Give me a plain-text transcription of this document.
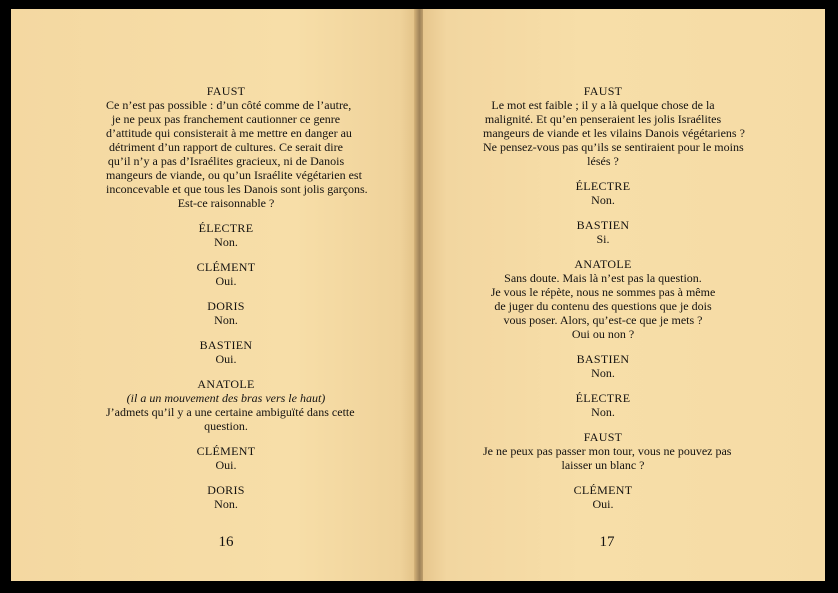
FAUST
Ce n’est pas possible : d’un côté comme de l’autre,
je ne peux pas franchement cautionner ce genre
d’attitude qui consisterait à me mettre en danger au
détriment d’un rapport de cultures. Ce serait dire
qu’il n’y a pas d’Israélites gracieux, ni de Danois
mangeurs de viande, ou qu’un Israélite végétarien est
inconcevable et que tous les Danois sont jolis garçons.
Est-ce raisonnable ?
ÉLECTRE
Non.
CLÉMENT
Oui.
DORIS
Non.
BASTIEN
Oui.
ANATOLE
(il a un mouvement des bras vers le haut)
J’admets qu’il y a une certaine ambiguïté dans cette
question.
CLÉMENT
Oui.
DORIS
Non.
16
FAUST
Le mot est faible ; il y a là quelque chose de la
malignité. Et qu’en penseraient les jolis Israélites
mangeurs de viande et les vilains Danois végétariens ?
Ne pensez-vous pas qu’ils se sentiraient pour le moins
lésés ?
ÉLECTRE
Non.
BASTIEN
Si.
ANATOLE
Sans doute. Mais là n’est pas la question.
Je vous le répète, nous ne sommes pas à même
de juger du contenu des questions que je dois
vous poser. Alors, qu’est-ce que je mets ?
Oui ou non ?
BASTIEN
Non.
ÉLECTRE
Non.
FAUST
Je ne peux pas passer mon tour, vous ne pouvez pas
laisser un blanc ?
CLÉMENT
Oui.
17
